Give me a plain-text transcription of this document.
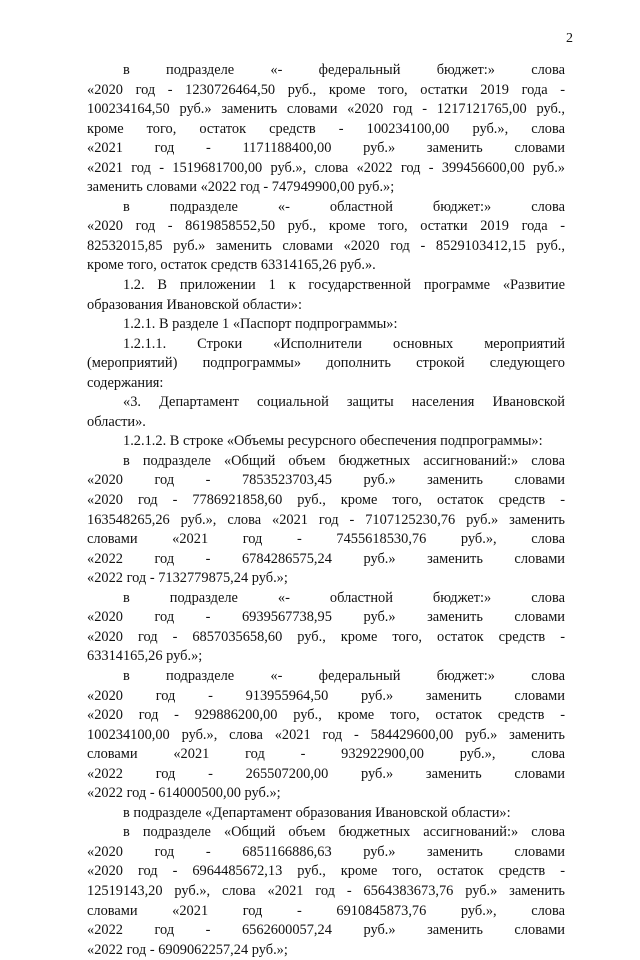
2
в подразделе «- федеральный бюджет:» слова
«2020 год - 1230726464,50 руб., кроме того, остатки 2019 года -
100234164,50 руб.» заменить словами «2020 год - 1217121765,00 руб.,
кроме того, остаток средств - 100234100,00 руб.», слова
«2021 год - 1171188400,00 руб.» заменить словами
«2021 год - 1519681700,00 руб.», слова «2022 год - 399456600,00 руб.»
заменить словами «2022 год - 747949900,00 руб.»;
в подразделе «- областной бюджет:» слова
«2020 год - 8619858552,50 руб., кроме того, остатки 2019 года -
82532015,85 руб.» заменить словами «2020 год - 8529103412,15 руб.,
кроме того, остаток средств 63314165,26 руб.».
1.2. В приложении 1 к государственной программе «Развитие
образования Ивановской области»:
1.2.1. В разделе 1 «Паспорт подпрограммы»:
1.2.1.1. Строки «Исполнители основных мероприятий
(мероприятий) подпрограммы» дополнить строкой следующего
содержания:
«3. Департамент социальной защиты населения Ивановской
области».
1.2.1.2. В строке «Объемы ресурсного обеспечения подпрограммы»:
в подразделе «Общий объем бюджетных ассигнований:» слова
«2020 год - 7853523703,45 руб.» заменить словами
«2020 год - 7786921858,60 руб., кроме того, остаток средств -
163548265,26 руб.», слова «2021 год - 7107125230,76 руб.» заменить
словами «2021 год - 7455618530,76 руб.», слова
«2022 год - 6784286575,24 руб.» заменить словами
«2022 год - 7132779875,24 руб.»;
в подразделе «- областной бюджет:» слова
«2020 год - 6939567738,95 руб.» заменить словами
«2020 год - 6857035658,60 руб., кроме того, остаток средств -
63314165,26 руб.»;
в подразделе «- федеральный бюджет:» слова
«2020 год - 913955964,50 руб.» заменить словами
«2020 год - 929886200,00 руб., кроме того, остаток средств -
100234100,00 руб.», слова «2021 год - 584429600,00 руб.» заменить
словами «2021 год - 932922900,00 руб.», слова
«2022 год - 265507200,00 руб.» заменить словами
«2022 год - 614000500,00 руб.»;
в подразделе «Департамент образования Ивановской области»:
в подразделе «Общий объем бюджетных ассигнований:» слова
«2020 год - 6851166886,63 руб.» заменить словами
«2020 год - 6964485672,13 руб., кроме того, остаток средств -
12519143,20 руб.», слова «2021 год - 6564383673,76 руб.» заменить
словами «2021 год - 6910845873,76 руб.», слова
«2022 год - 6562600057,24 руб.» заменить словами
«2022 год - 6909062257,24 руб.»;
